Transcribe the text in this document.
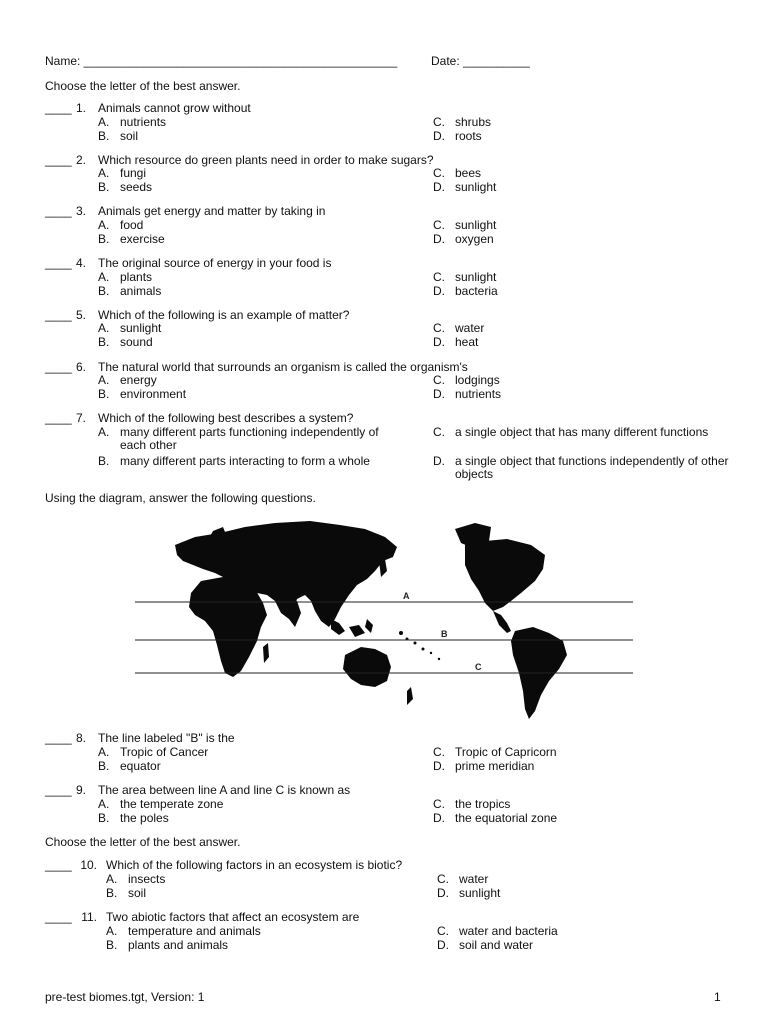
Name: _______________________________________________	Date: __________
Choose the letter of the best answer.
____ 1. Animals cannot grow without
A. nutrients
B. soil
C. shrubs
D. roots
____ 2. Which resource do green plants need in order to make sugars?
A. fungi
B. seeds
C. bees
D. sunlight
____ 3. Animals get energy and matter by taking in
A. food
B. exercise
C. sunlight
D. oxygen
____ 4. The original source of energy in your food is
A. plants
B. animals
C. sunlight
D. bacteria
____ 5. Which of the following is an example of matter?
A. sunlight
B. sound
C. water
D. heat
____ 6. The natural world that surrounds an organism is called the organism's
A. energy
B. environment
C. lodgings
D. nutrients
____ 7. Which of the following best describes a system?
A. many different parts functioning independently of each other
B. many different parts interacting to form a whole
C. a single object that has many different functions
D. a single object that functions independently of other objects
Using the diagram, answer the following questions.
A
B
C
____ 8. The line labeled "B" is the
A. Tropic of Cancer
B. equator
C. Tropic of Capricorn
D. prime meridian
____ 9. The area between line A and line C is known as
A. the temperate zone
B. the poles
C. the tropics
D. the equatorial zone
Choose the letter of the best answer.
____ 10. Which of the following factors in an ecosystem is biotic?
A. insects
B. soil
C. water
D. sunlight
____ 11. Two abiotic factors that affect an ecosystem are
A. temperature and animals
B. plants and animals
C. water and bacteria
D. soil and water
pre-test biomes.tgt, Version: 1	1
